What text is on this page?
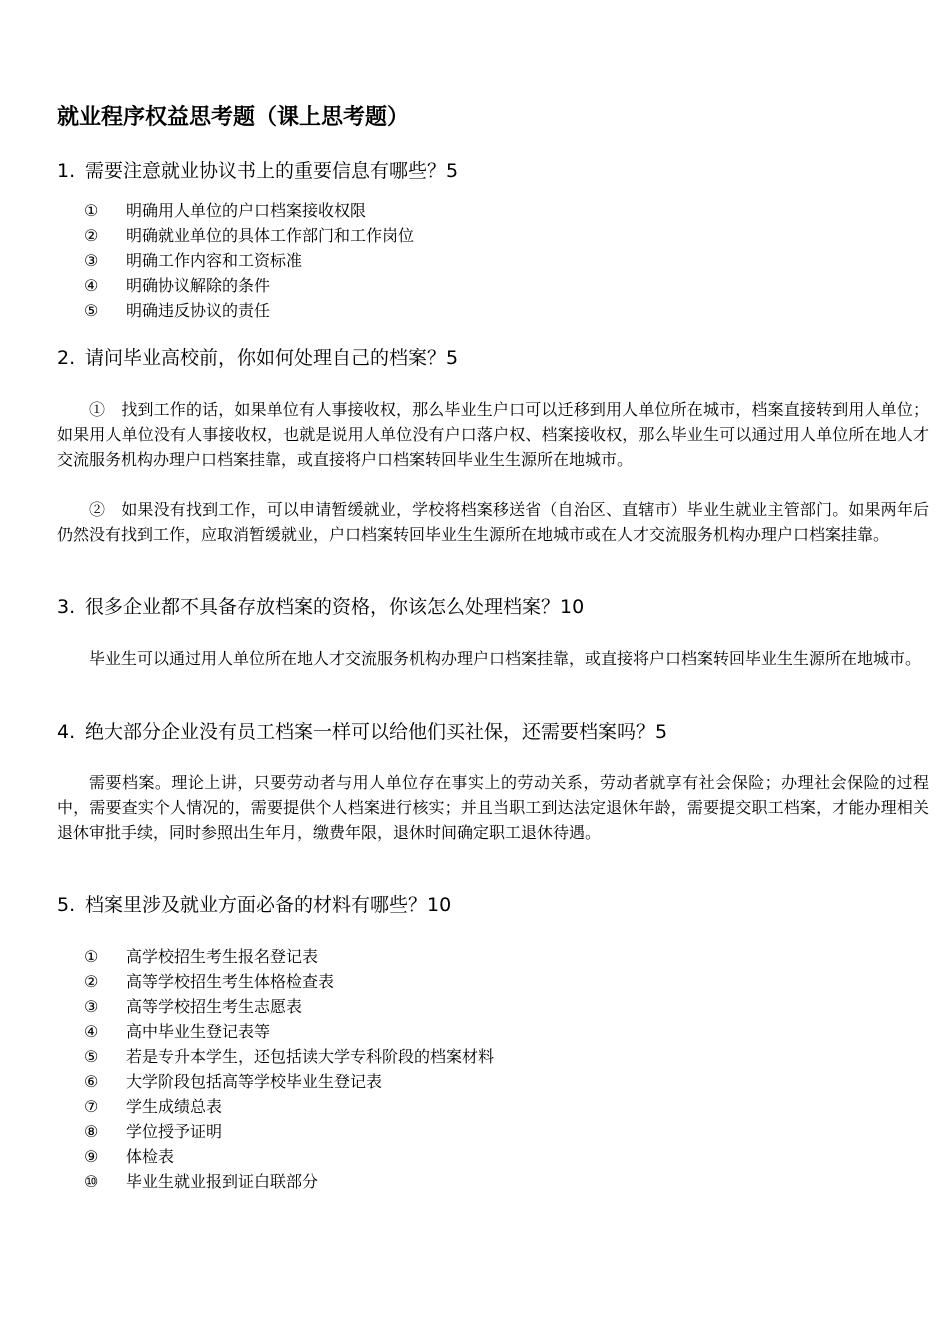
就业程序权益思考题（课上思考题）
1. 需要注意就业协议书上的重要信息有哪些？5
① 明确用人单位的户口档案接收权限
② 明确就业单位的具体工作部门和工作岗位
③ 明确工作内容和工资标准
④ 明确协议解除的条件
⑤ 明确违反协议的责任
2. 请问毕业高校前，你如何处理自己的档案？5

①　找到工作的话，如果单位有人事接收权，那么毕业生户口可以迁移到用人单位所在城市，档案直接转到用人单位；如果用人单位没有人事接收权，也就是说用人单位没有户口落户权、档案接收权，那么毕业生可以通过用人单位所在地人才交流服务机构办理户口档案挂靠，或直接将户口档案转回毕业生生源所在地城市。

②　如果没有找到工作，可以申请暂缓就业，学校将档案移送省（自治区、直辖市）毕业生就业主管部门。如果两年后仍然没有找到工作，应取消暂缓就业，户口档案转回毕业生生源所在地城市或在人才交流服务机构办理户口档案挂靠。

3. 很多企业都不具备存放档案的资格，你该怎么处理档案？10

毕业生可以通过用人单位所在地人才交流服务机构办理户口档案挂靠，或直接将户口档案转回毕业生生源所在地城市。

4. 绝大部分企业没有员工档案一样可以给他们买社保，还需要档案吗？5

需要档案。理论上讲，只要劳动者与用人单位存在事实上的劳动关系，劳动者就享有社会保险；办理社会保险的过程中，需要查实个人情况的，需要提供个人档案进行核实；并且当职工到达法定退休年龄，需要提交职工档案，才能办理相关退休审批手续，同时参照出生年月，缴费年限，退休时间确定职工退休待遇。

5. 档案里涉及就业方面必备的材料有哪些？10
① 高学校招生考生报名登记表
② 高等学校招生考生体格检查表
③ 高等学校招生考生志愿表
④ 高中毕业生登记表等
⑤ 若是专升本学生，还包括读大学专科阶段的档案材料
⑥ 大学阶段包括高等学校毕业生登记表
⑦ 学生成绩总表
⑧ 学位授予证明
⑨ 体检表
⑩ 毕业生就业报到证白联部分
